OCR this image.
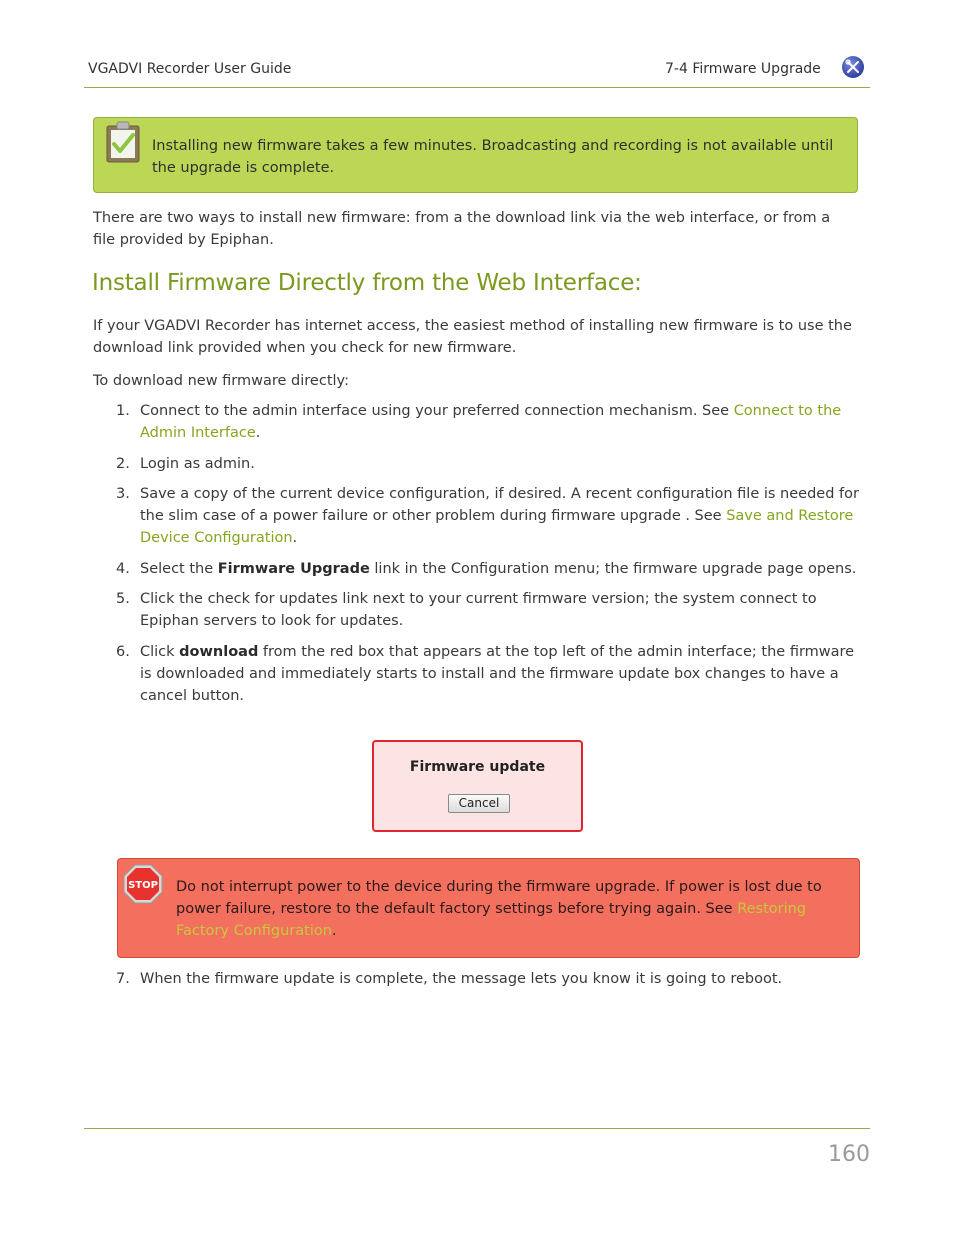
VGADVI Recorder User Guide	7-4 Firmware Upgrade
Installing new firmware takes a few minutes. Broadcasting and recording is not available until the upgrade is complete.
There are two ways to install new firmware: from a the download link via the web interface, or from a file provided by Epiphan.
Install Firmware Directly from the Web Interface:
If your VGADVI Recorder has internet access, the easiest method of installing new firmware is to use the download link provided when you check for new firmware.
To download new firmware directly:
1. Connect to the admin interface using your preferred connection mechanism. See Connect to the Admin Interface.
2. Login as admin.
3. Save a copy of the current device configuration, if desired. A recent configuration file is needed for the slim case of a power failure or other problem during firmware upgrade . See Save and Restore Device Configuration.
4. Select the Firmware Upgrade link in the Configuration menu; the firmware upgrade page opens.
5. Click the check for updates link next to your current firmware version; the system connect to Epiphan servers to look for updates.
6. Click download from the red box that appears at the top left of the admin interface; the firmware is downloaded and immediately starts to install and the firmware update box changes to have a cancel button.
Firmware update
Cancel
STOP Do not interrupt power to the device during the firmware upgrade. If power is lost due to power failure, restore to the default factory settings before trying again. See Restoring Factory Configuration.
7. When the firmware update is complete, the message lets you know it is going to reboot.
160
